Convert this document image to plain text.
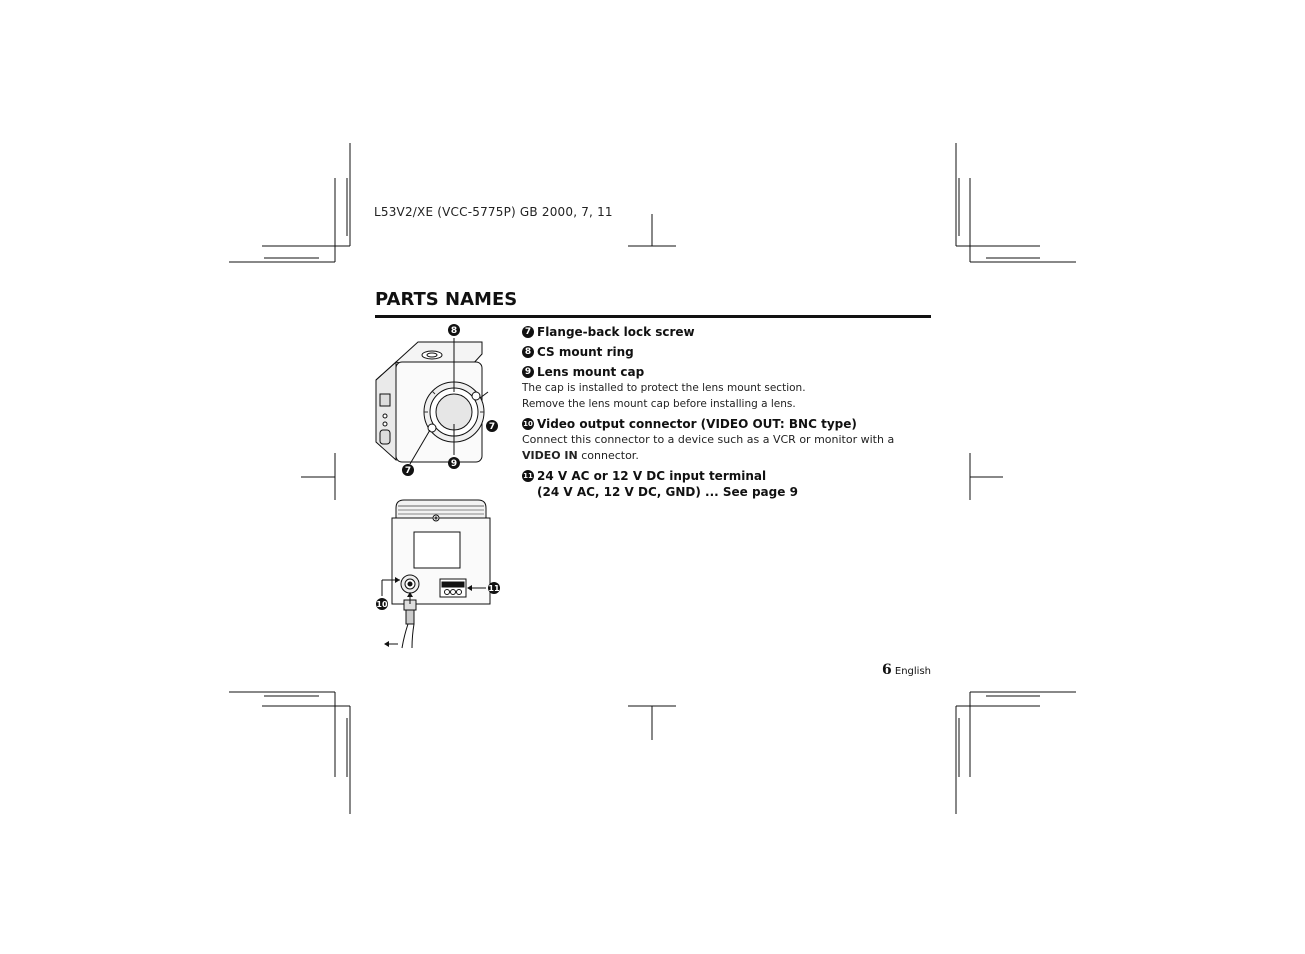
L53V2/XE (VCC-5775P) GB 2000, 7, 11
PARTS NAMES
8
7
9
7
10
11
7 Flange-back lock screw
8 CS mount ring
9 Lens mount cap
The cap is installed to protect the lens mount section.
Remove the lens mount cap before installing a lens.
10 Video output connector (VIDEO OUT: BNC type)
Connect this connector to a device such as a VCR or monitor with a
VIDEO IN connector.
11 24 V AC or 12 V DC input terminal
(24 V AC, 12 V DC, GND) ... See page 9
6 English
